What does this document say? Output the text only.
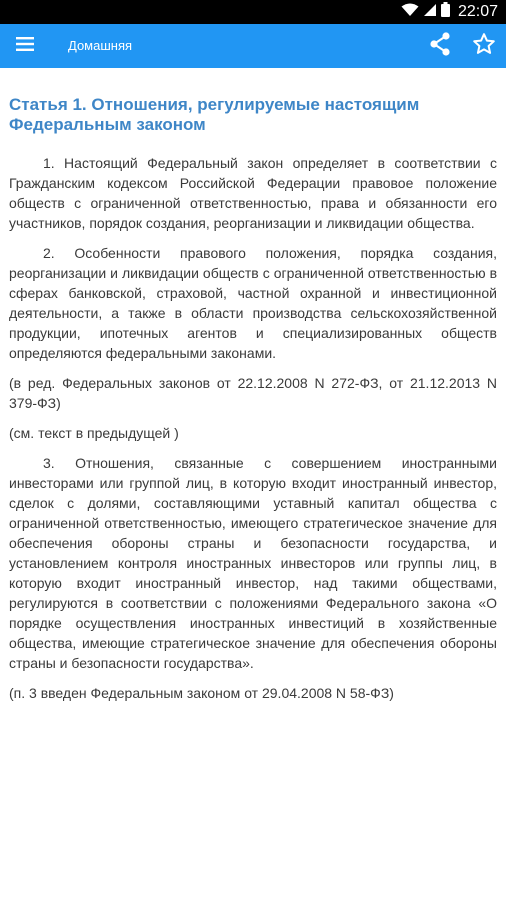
22:07
Домашняя
Статья 1. Отношения, регулируемые настоящим Федеральным законом

1. Настоящий Федеральный закон определяет в соответствии с Гражданским кодексом Российской Федерации правовое положение обществ с ограниченной ответственностью, права и обязанности его участников, порядок создания, реорганизации и ликвидации общества.

2. Особенности правового положения, порядка создания, реорганизации и ликвидации обществ с ограниченной ответственностью в сферах банковской, страховой, частной охранной и инвестиционной деятельности, а также в области производства сельскохозяйственной продукции, ипотечных агентов и специализированных обществ определяются федеральными законами.

(в ред. Федеральных законов от 22.12.2008 N 272-ФЗ, от 21.12.2013 N 379-ФЗ)

(см. текст в предыдущей )

3. Отношения, связанные с совершением иностранными инвесторами или группой лиц, в которую входит иностранный инвестор, сделок с долями, составляющими уставный капитал общества с ограниченной ответственностью, имеющего стратегическое значение для обеспечения обороны страны и безопасности государства, и установлением контроля иностранных инвесторов или группы лиц, в которую входит иностранный инвестор, над такими обществами, регулируются в соответствии с положениями Федерального закона «О порядке осуществления иностранных инвестиций в хозяйственные общества, имеющие стратегическое значение для обеспечения обороны страны и безопасности государства».

(п. 3 введен Федеральным законом от 29.04.2008 N 58-ФЗ)
